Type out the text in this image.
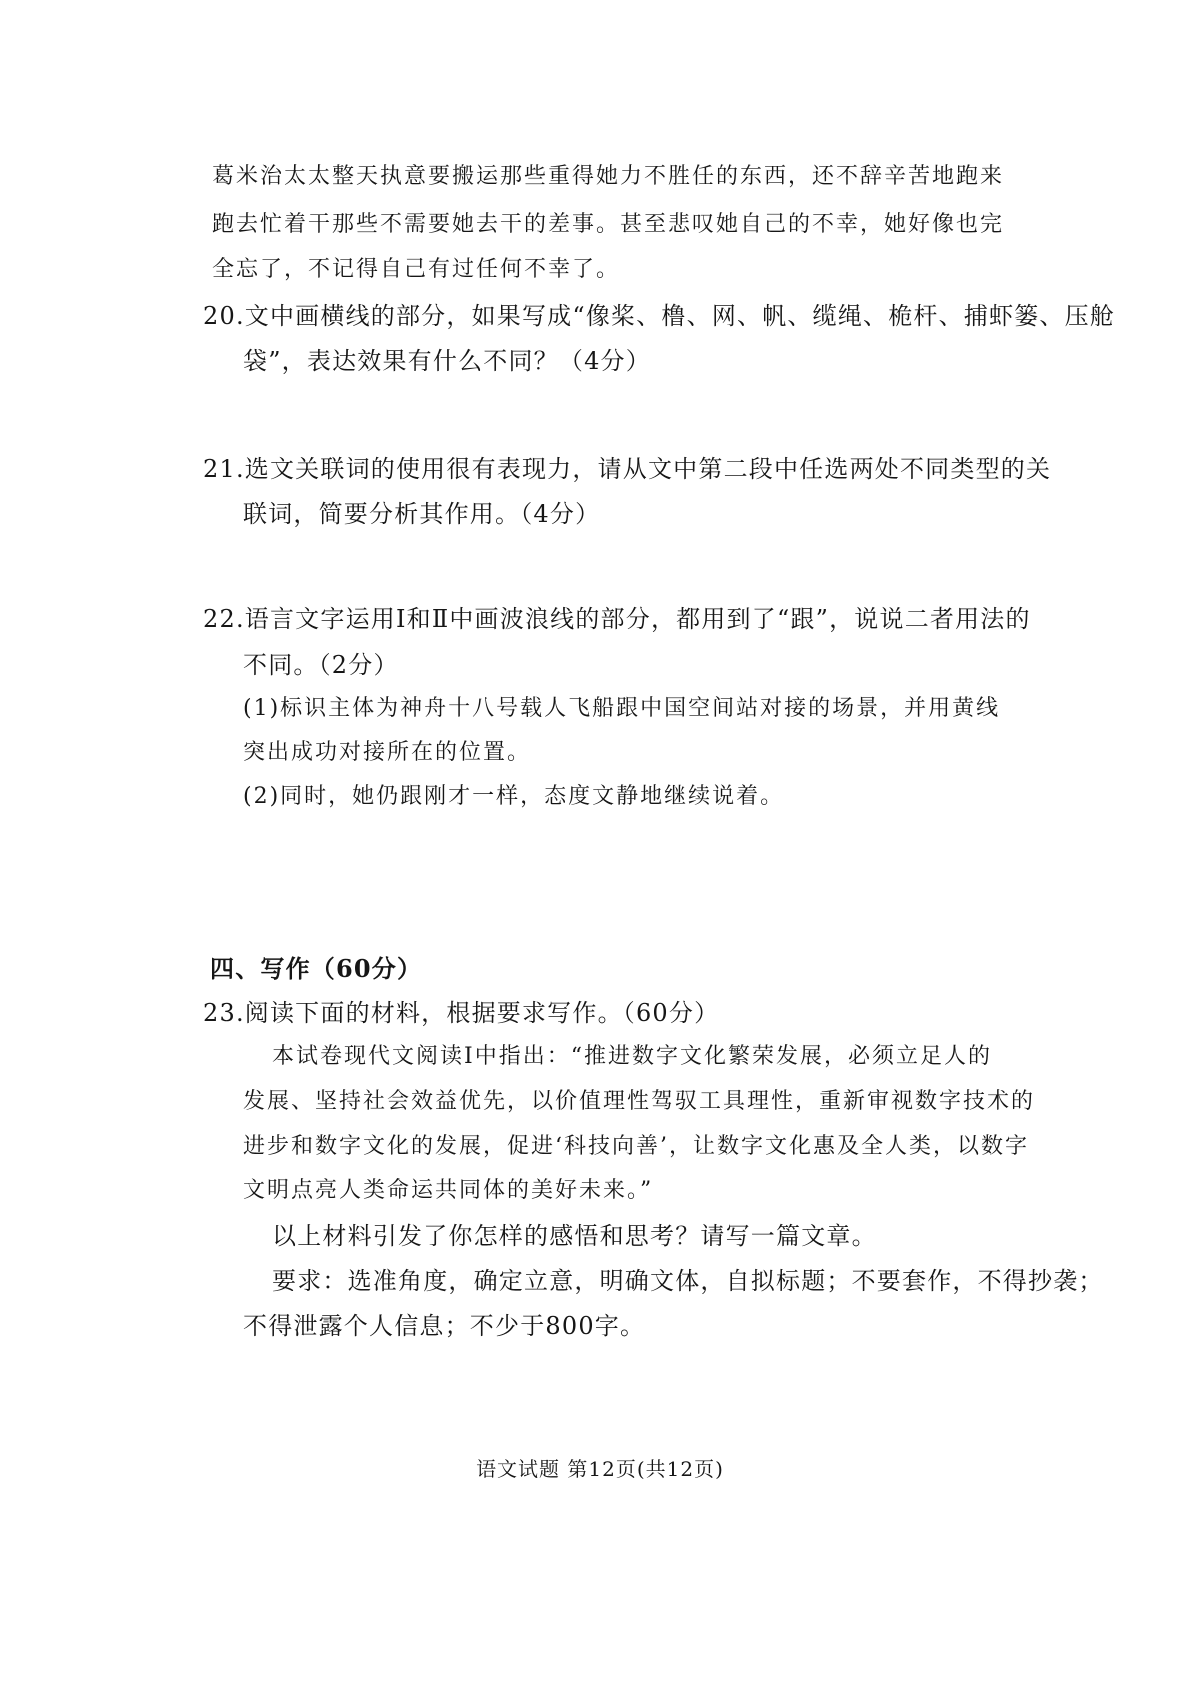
葛米治太太整天执意要搬运那些重得她力不胜任的东西，还不辞辛苦地跑来
跑去忙着干那些不需要她去干的差事。甚至悲叹她自己的不幸，她好像也完
全忘了，不记得自己有过任何不幸了。
20.文中画横线的部分，如果写成“像桨、橹、网、帆、缆绳、桅杆、捕虾篓、压舱
袋”，表达效果有什么不同？（4分）
21.选文关联词的使用很有表现力，请从文中第二段中任选两处不同类型的关
联词，简要分析其作用。（4分）
22.语言文字运用Ⅰ和Ⅱ中画波浪线的部分，都用到了“跟”，说说二者用法的
不同。（2分）
(1)标识主体为神舟十八号载人飞船跟中国空间站对接的场景，并用黄线
突出成功对接所在的位置。
(2)同时，她仍跟刚才一样，态度文静地继续说着。
四、写作（60分）
23.阅读下面的材料，根据要求写作。（60分）
本试卷现代文阅读Ⅰ中指出：“推进数字文化繁荣发展，必须立足人的
发展、坚持社会效益优先，以价值理性驾驭工具理性，重新审视数字技术的
进步和数字文化的发展，促进‘科技向善’，让数字文化惠及全人类，以数字
文明点亮人类命运共同体的美好未来。”
以上材料引发了你怎样的感悟和思考？请写一篇文章。
要求：选准角度，确定立意，明确文体，自拟标题；不要套作，不得抄袭；
不得泄露个人信息；不少于800字。
语文试题 第12页(共12页)
